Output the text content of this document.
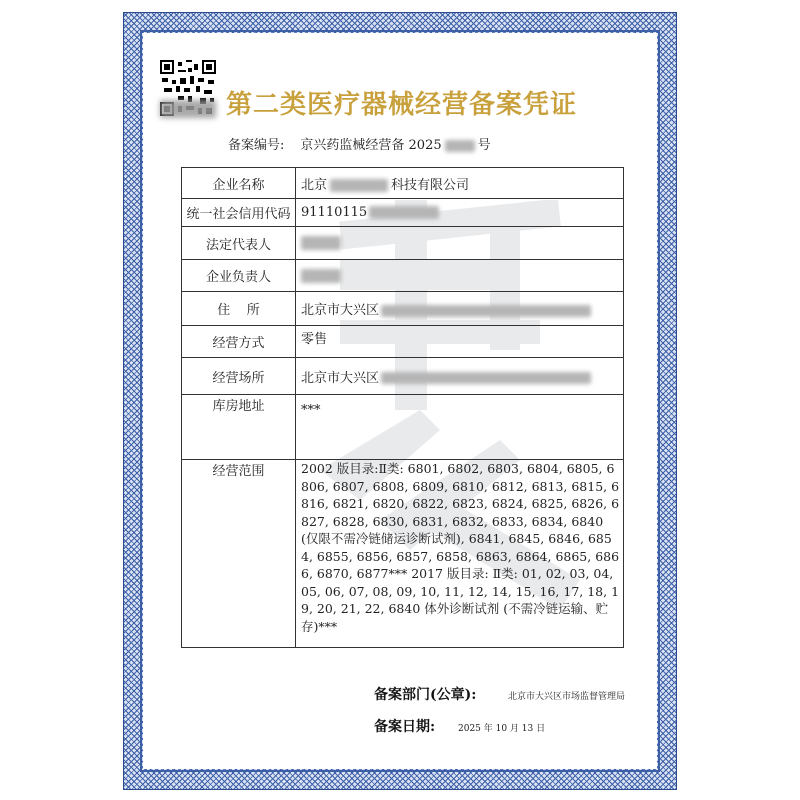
第二类医疗器械经营备案凭证
备案编号: 京兴药监械经营备 2025	号
企业名称	北京 科技有限公司
统一社会信用代码	91110115
法定代表人	
企业负责人	
住    所	北京市大兴区
经营方式	零售
经营场所	北京市大兴区
库房地址	***
经营范围	2002 版目录:Ⅱ类: 6801, 6802, 6803, 6804, 6805, 6806, 6807, 6808, 6809, 6810, 6812, 6813, 6815, 6816, 6821, 6820, 6822, 6823, 6824, 6825, 6826, 6827, 6828, 6830, 6831, 6832, 6833, 6834, 6840 (仅限不需冷链储运诊断试剂), 6841, 6845, 6846, 6854, 6855, 6856, 6857, 6858, 6863, 6864, 6865, 6866, 6870, 6877*** 2017 版目录: Ⅱ类: 01, 02, 03, 04, 05, 06, 07, 08, 09, 10, 11, 12, 14, 15, 16, 17, 18, 19, 20, 21, 22, 6840 体外诊断试剂 (不需冷链运输、贮存)***
备案部门(公章):	北京市大兴区市场监督管理局
备案日期:	2025 年 10 月 13 日
